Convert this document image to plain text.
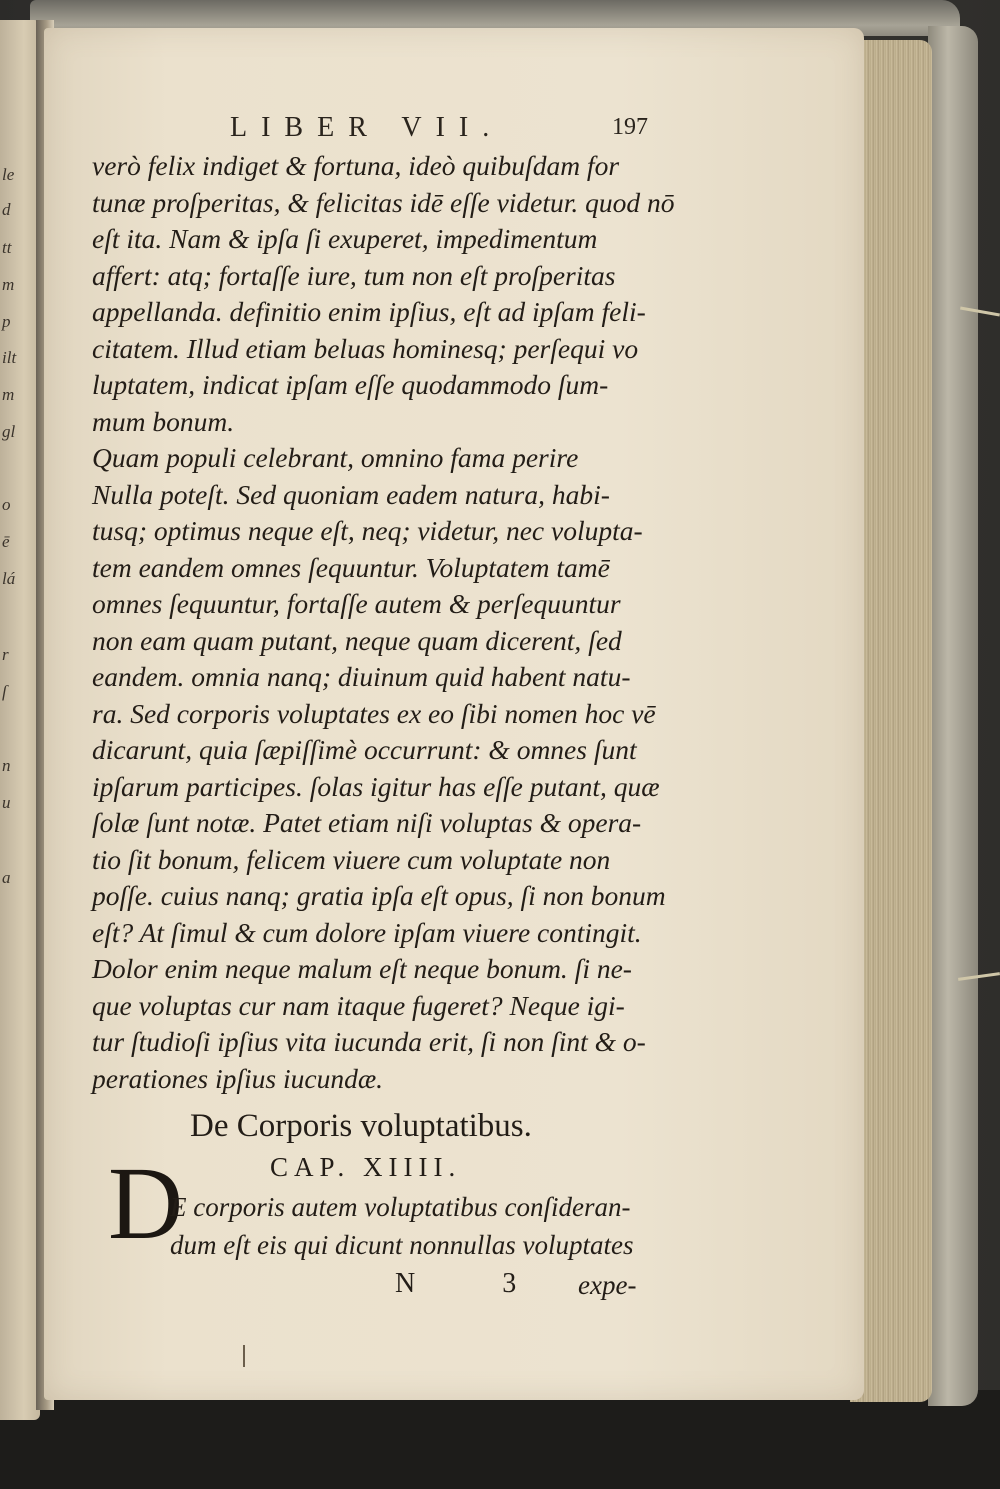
le
d
tt
m
p
ilt
m
gl
o
ē
lá
r
ſ
n
u
a
LIBER VII.	197
verò felix indiget & fortuna, ideò quibuſdam for
tunæ proſperitas, & felicitas idē eſſe videtur. quod nō
eſt ita. Nam & ipſa ſi exuperet, impedimentum
affert: atq; fortaſſe iure, tum non eſt proſperitas
appellanda. definitio enim ipſius, eſt ad ipſam feli-
citatem. Illud etiam beluas hominesq; perſequi vo
luptatem, indicat ipſam eſſe quodammodo ſum-
mum bonum.
Quam populi celebrant, omnino fama perire
Nulla poteſt. Sed quoniam eadem natura, habi-
tusq; optimus neque eſt, neq; videtur, nec volupta-
tem eandem omnes ſequuntur. Voluptatem tamē
omnes ſequuntur, fortaſſe autem & perſequuntur
non eam quam putant, neque quam dicerent, ſed
eandem. omnia nanq; diuinum quid habent natu-
ra. Sed corporis voluptates ex eo ſibi nomen hoc vē
dicarunt, quia ſæpiſſimè occurrunt: & omnes ſunt
ipſarum participes. ſolas igitur has eſſe putant, quæ
ſolæ ſunt notæ. Patet etiam niſi voluptas & opera-
tio ſit bonum, felicem viuere cum voluptate non
poſſe. cuius nanq; gratia ipſa eſt opus, ſi non bonum
eſt? At ſimul & cum dolore ipſam viuere contingit.
Dolor enim neque malum eſt neque bonum. ſi ne-
que voluptas cur nam itaque fugeret? Neque igi-
tur ſtudioſi ipſius vita iucunda erit, ſi non ſint & o-
perationes ipſius iucundæ.
De Corporis voluptatibus.
CAP. XIIII.
D
E corporis autem voluptatibus conſideran-
dum eſt eis qui dicunt nonnullas voluptates
N 3 expe-
